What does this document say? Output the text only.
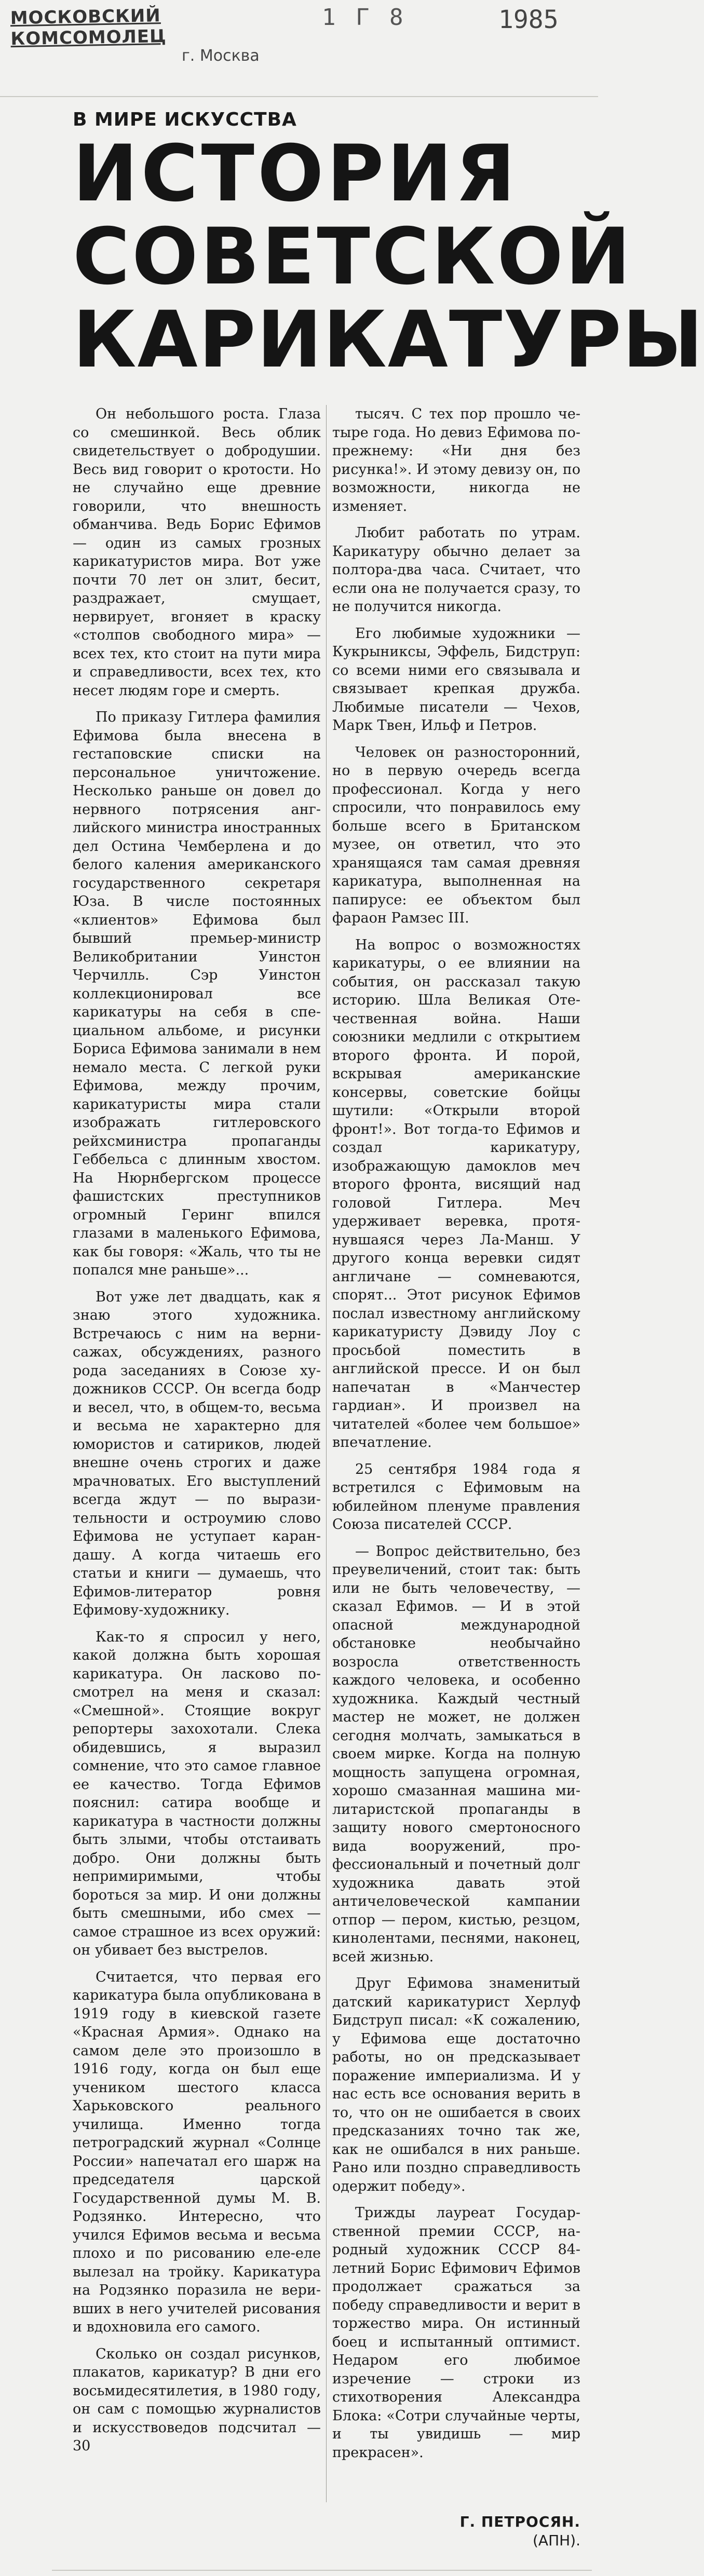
МОСКОВСКИЙ КОМСОМОЛЕЦ
г. Москва
1 Г 8	1985
В МИРЕ ИСКУССТВА
ИСТОРИЯ
СОВЕТСКОЙ
КАРИКАТУРЫ

Он небольшого роста. Глаза со смешинкой. Весь облик свидетельствует о добродушии. Весь вид говорит о кротости. Но не случайно еще древние говорили, что внешность обманчива. Ведь Борис Ефимов — один из самых грозных карикатуристов мира. Вот уже почти 70 лет он злит, бесит, раздражает, смущает, нервирует, вгоняет в краску «столпов свободного мира» — всех тех, кто стоит на пути мира и справедливости, всех тех, кто несет людям горе и смерть.

По приказу Гитлера фамилия Ефимова была внесена в гестаповские списки на персональное уничтожение. Несколько раньше он довел до нервного потрясения английского министра иностранных дел Остина Чемберлена и до белого каления американского государственного секретаря Юза. В числе постоянных «клиентов» Ефимова был бывший премьер-министр Великобритании Уинстон Черчилль. Сэр Уинстон коллекционировал все карикатуры на себя в специальном альбоме, и рисунки Бориса Ефимова занимали в нем немало места. С легкой руки Ефимова, между прочим, карикатуристы мира стали изображать гитлеровского рейхсминистра пропаганды Геббельса с длинным хвостом. На Нюрнбергском процессе фашистских преступников огромный Геринг впился глазами в маленького Ефимова, как бы говоря: «Жаль, что ты не попался мне раньше»...

Вот уже лет двадцать, как я знаю этого художника. Встречаюсь с ним на вернисажах, обсуждениях, разного рода заседаниях в Союзе художников СССР. Он всегда бодр и весел, что, в общем-то, весьма и весьма не характерно для юмористов и сатириков, людей внешне очень строгих и даже мрачноватых. Его выступлений всегда ждут — по выразительности и остроумию слово Ефимова не уступает карандашу. А когда читаешь его статьи и книги — думаешь, что Ефимов-литератор ровня Ефимову-художнику.

Как-то я спросил у него, какой должна быть хорошая карикатура. Он ласково посмотрел на меня и сказал: «Смешной». Стоящие вокруг репортеры захохотали. Слека обидевшись, я выразил сомнение, что это самое главное ее качество. Тогда Ефимов пояснил: сатира вообще и карикатура в частности должны быть злыми, чтобы отстаивать добро. Они должны быть непримиримыми, чтобы бороться за мир. И они должны быть смешными, ибо смех — самое страшное из всех оружий: он убивает без выстрелов.

Считается, что первая его карикатура была опубликована в 1919 году в киевской газете «Красная Армия». Однако на самом деле это произошло в 1916 году, когда он был еще учеником шестого класса Харьковского реального училища. Именно тогда петроградский журнал «Солнце России» напечатал его шарж на председателя царской Государственной думы М. В. Родзянко. Интересно, что учился Ефимов весьма и весьма плохо и по рисованию еле-еле вылезал на тройку. Карикатура на Родзянко поразила не веривших в него учителей рисования и вдохновила его самого.

Сколько он создал рисунков, плакатов, карикатур? В дни его восьмидесятилетия, в 1980 году, он сам с помощью журналистов и искусствоведов подсчитал — 30

тысяч. С тех пор прошло четыре года. Но девиз Ефимова по-прежнему: «Ни дня без рисунка!». И этому девизу он, по возможности, никогда не изменяет.

Любит работать по утрам. Карикатуру обычно делает за полтора-два часа. Считает, что если она не получается сразу, то не получится никогда.

Его любимые художники — Кукрыниксы, Эффель, Бидструп: со всеми ними его связывала и связывает крепкая дружба. Любимые писатели — Чехов, Марк Твен, Ильф и Петров.

Человек он разносторонний, но в первую очередь всегда профессионал. Когда у него спросили, что понравилось ему больше всего в Британском музее, он ответил, что это хранящаяся там самая древняя карикатура, выполненная на папирусе: ее объектом был фараон Рамзес III.

На вопрос о возможностях карикатуры, о ее влиянии на события, он рассказал такую историю. Шла Великая Отечественная война. Наши союзники медлили с открытием второго фронта. И порой, вскрывая американские консервы, советские бойцы шутили: «Открыли второй фронт!». Вот тогда-то Ефимов и создал карикатуру, изображающую дамоклов меч второго фронта, висящий над головой Гитлера. Меч удерживает веревка, протянувшаяся через Ла-Манш. У другого конца веревки сидят англичане — сомневаются, спорят... Этот рисунок Ефимов послал известному английскому карикатуристу Дэвиду Лоу с просьбой поместить в английской прессе. И он был напечатан в «Манчестер гардиан». И произвел на читателей «более чем большое» впечатление.

25 сентября 1984 года я встретился с Ефимовым на юбилейном пленуме правления Союза писателей СССР.

— Вопрос действительно, без преувеличений, стоит так: быть или не быть человечеству, — сказал Ефимов. — И в этой опасной международной обстановке необычайно возросла ответственность каждого человека, и особенно художника. Каждый честный мастер не может, не должен сегодня молчать, замыкаться в своем мирке. Когда на полную мощность запущена огромная, хорошо смазанная машина милитаристской пропаганды в защиту нового смертоносного вида вооружений, профессиональный и почетный долг художника давать этой античеловеческой кампании отпор — пером, кистью, резцом, кинолентами, песнями, наконец, всей жизнью.

Друг Ефимова знаменитый датский карикатурист Херлуф Бидструп писал: «К сожалению, у Ефимова еще достаточно работы, но он предсказывает поражение империализма. И у нас есть все основания верить в то, что он не ошибается в своих предсказаниях точно так же, как не ошибался в них раньше. Рано или поздно справедливость одержит победу».

Трижды лауреат Государственной премии СССР, народный художник СССР 84-летний Борис Ефимович Ефимов продолжает сражаться за победу справедливости и верит в торжество мира. Он истинный боец и испытанный оптимист. Недаром его любимое изречение — строки из стихотворения Александра Блока: «Сотри случайные черты, и ты увидишь — мир прекрасен».

Г. ПЕТРОСЯН.
(АПН).
